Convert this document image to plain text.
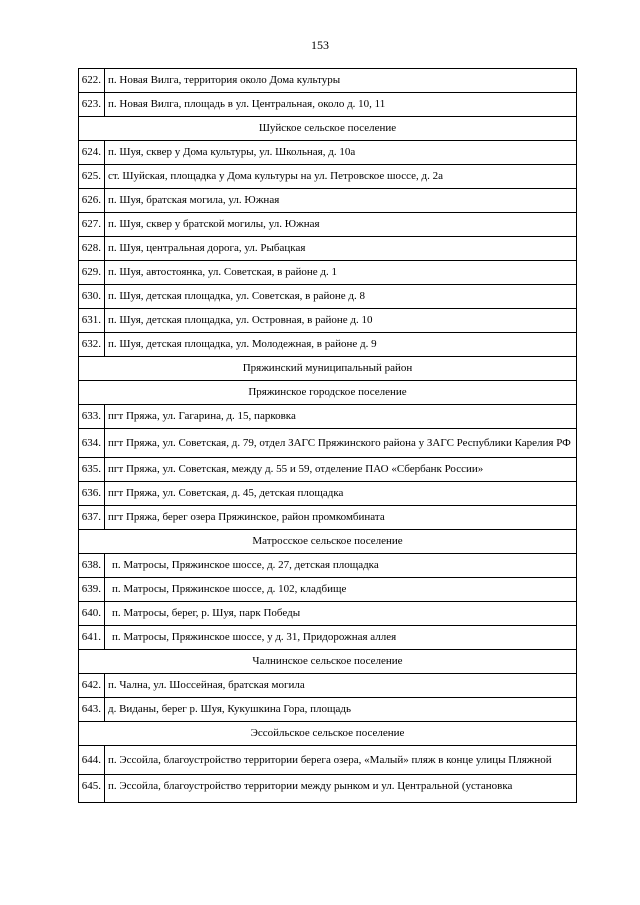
153
622.	п. Новая Вилга, территория около Дома культуры
623.	п. Новая Вилга, площадь в ул. Центральная, около д. 10, 11
Шуйское сельское поселение	
624.	п. Шуя, сквер у Дома культуры, ул. Школьная, д. 10а
625.	ст. Шуйская, площадка у Дома культуры на ул. Петровское шоссе, д. 2а
626.	п. Шуя, братская могила, ул. Южная
627.	п. Шуя, сквер у братской могилы, ул. Южная
628.	п. Шуя, центральная дорога, ул. Рыбацкая
629.	п. Шуя, автостоянка, ул. Советская, в районе д. 1
630.	п. Шуя, детская площадка, ул. Советская, в районе д. 8
631.	п. Шуя, детская площадка, ул. Островная, в районе д. 10
632.	п. Шуя, детская площадка, ул. Молодежная, в районе д. 9
Пряжинский муниципальный район	
Пряжинское городское поселение	
633.	пгт Пряжа, ул. Гагарина, д. 15, парковка
634.	пгт Пряжа, ул. Советская, д. 79, отдел ЗАГС Пряжинского района у ЗАГС Республики Карелия РФ
635.	пгт Пряжа, ул. Советская, между д. 55 и 59, отделение ПАО «Сбербанк России»
636.	пгт Пряжа, ул. Советская, д. 45, детская площадка
637.	пгт Пряжа, берег озера Пряжинское, район промкомбината
Матросское сельское поселение	
638.	п. Матросы, Пряжинское шоссе, д. 27, детская площадка
639.	п. Матросы, Пряжинское шоссе, д. 102, кладбище
640.	п. Матросы, берег, р. Шуя, парк Победы
641.	п. Матросы, Пряжинское шоссе, у д. 31, Придорожная аллея
Чалнинское сельское поселение	
642.	п. Чална, ул. Шоссейная, братская могила
643.	д. Виданы, берег р. Шуя, Кукушкина Гора, площадь
Эссойльское сельское поселение	
644.	п. Эссойла, благоустройство территории берега озера, «Малый» пляж в конце улицы Пляжной
645.	п. Эссойла, благоустройство территории между рынком и ул. Центральной (установка
